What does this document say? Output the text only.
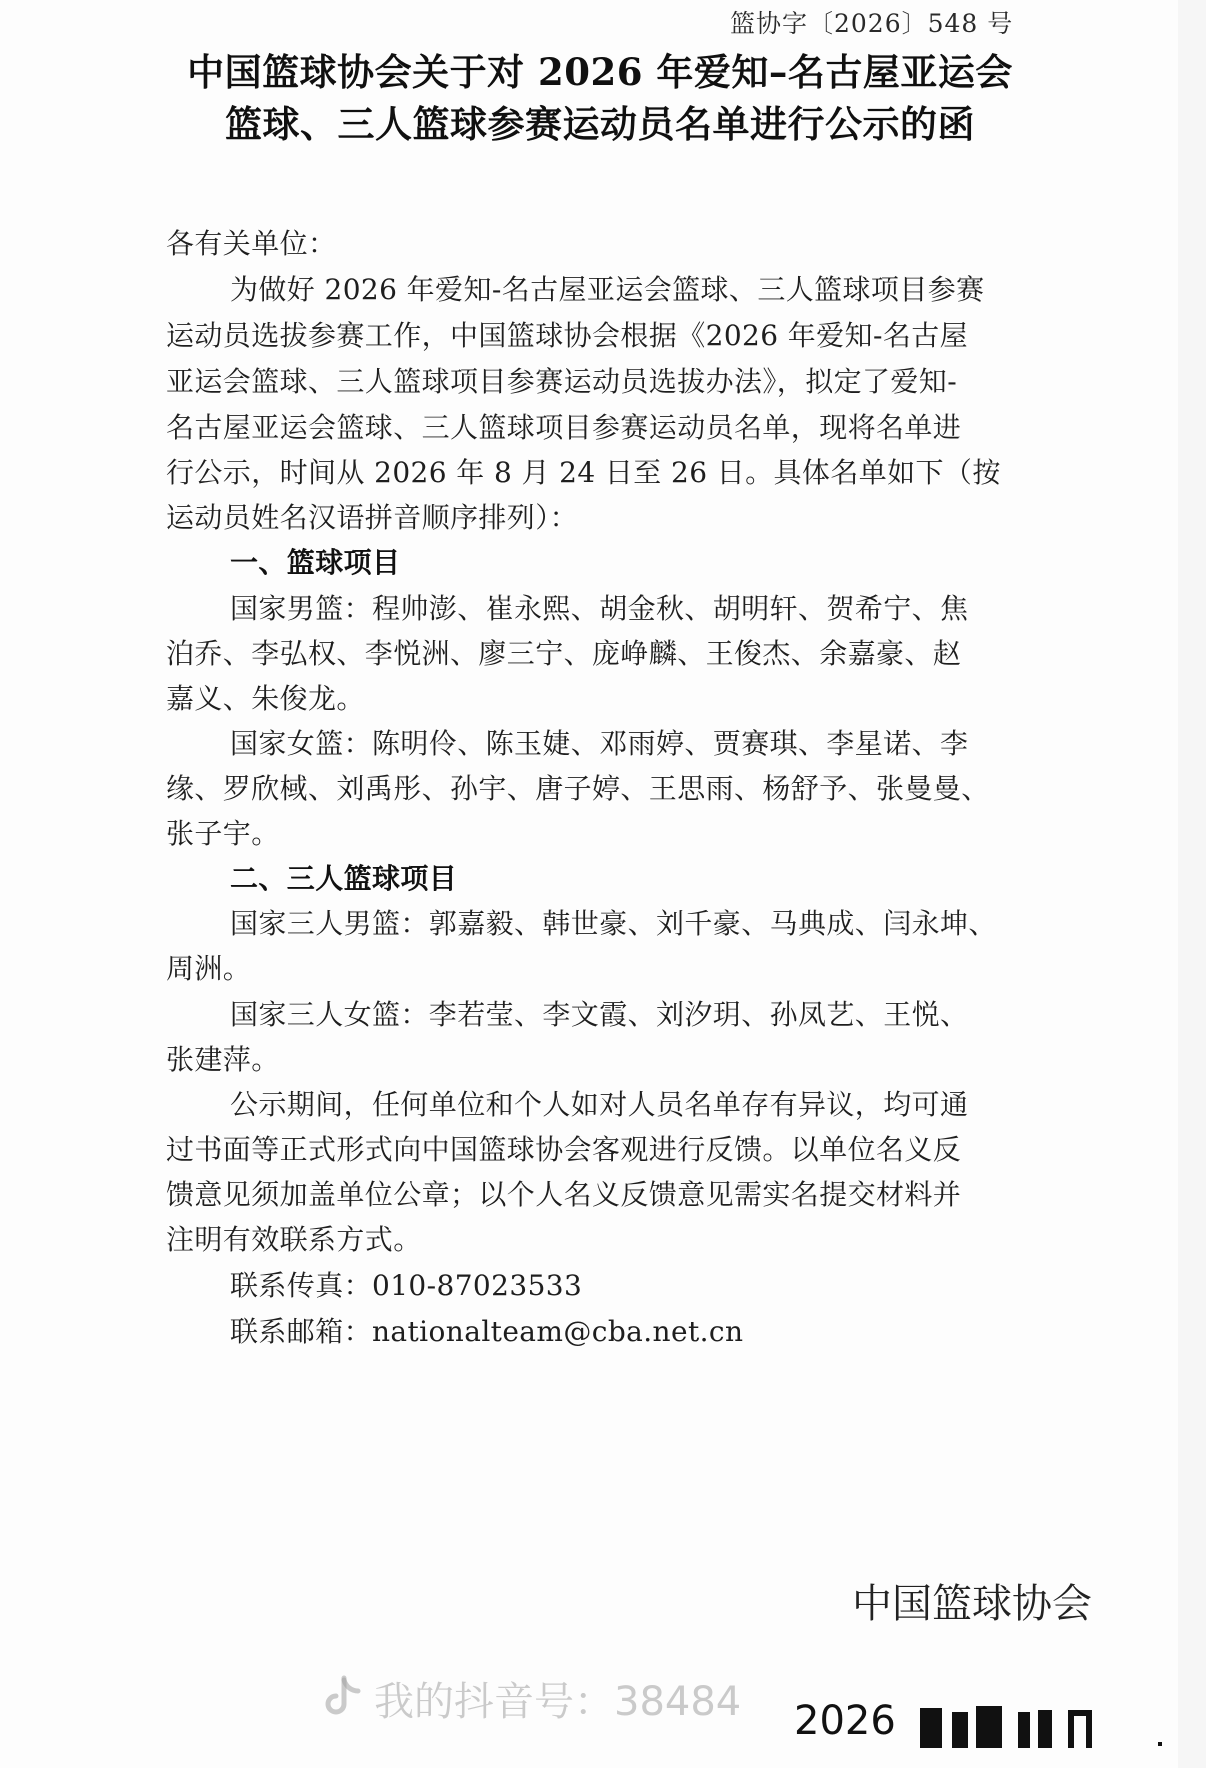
篮协字〔2026〕548 号
中国篮球协会关于对 2026 年爱知–名古屋亚运会
篮球、三人篮球参赛运动员名单进行公示的函
各有关单位：
为做好 2026 年爱知-名古屋亚运会篮球、三人篮球项目参赛
运动员选拔参赛工作，中国篮球协会根据《2026 年爱知-名古屋
亚运会篮球、三人篮球项目参赛运动员选拔办法》，拟定了爱知-
名古屋亚运会篮球、三人篮球项目参赛运动员名单，现将名单进
行公示，时间从 2026 年 8 月 24 日至 26 日。具体名单如下（按
运动员姓名汉语拼音顺序排列）：
一、篮球项目
国家男篮：程帅澎、崔永熙、胡金秋、胡明轩、贺希宁、焦
泊乔、李弘权、李悦洲、廖三宁、庞峥麟、王俊杰、余嘉豪、赵
嘉义、朱俊龙。
国家女篮：陈明伶、陈玉婕、邓雨婷、贾赛琪、李星诺、李
缘、罗欣棫、刘禹彤、孙宇、唐子婷、王思雨、杨舒予、张曼曼、
张子宇。
二、三人篮球项目
国家三人男篮：郭嘉毅、韩世豪、刘千豪、马典成、闫永坤、
周洲。
国家三人女篮：李若莹、李文霞、刘汐玥、孙凤艺、王悦、
张建萍。
公示期间，任何单位和个人如对人员名单存有异议，均可通
过书面等正式形式向中国篮球协会客观进行反馈。以单位名义反
馈意见须加盖单位公章；以个人名义反馈意见需实名提交材料并
注明有效联系方式。
联系传真：010-87023533
联系邮箱：nationalteam@cba.net.cn
中国篮球协会
我的抖音号：38484 2026
